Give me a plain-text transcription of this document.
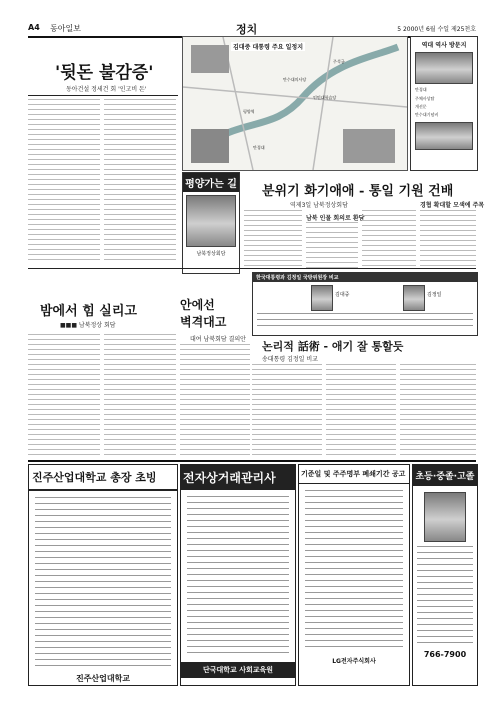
A4 동아일보	정치	5 2000년 6월 수일 제25천호
'뒷돈 불감증'
동아건설 정세건 회 '인고비 돈'
김대중 대통령 주요 일정지
만수대의사당
평양역
인민대학습당
주석궁
만경대
역대 역사 방문지
만경대
주체사상탑
개선문
만수대기념비
평양가는 길
남북정상회담
분위기 화기애애 - 통일 기원 건배
역제3일 남북정상회담
남북 인물 회의로 환담
경협 확대할 모색에 주목
밤에서 힘 실리고
■■■ 남북정상 회담
안에선
벽격대고
대여 남북회담 결의안
한국대통령과 김정일 국방위원장 비교
김대중	김정일
논리적 話術 - 애기 잘 통할듯
송대통령 김정일 비교
진주산업대학교 총장 초빙
진주산업대학교
전자상거래관리사
단국대학교 사회교육원
기준일 및 주주명부 폐쇄기간 공고
LG전자주식회사
초등·중졸·고졸
766-7900
